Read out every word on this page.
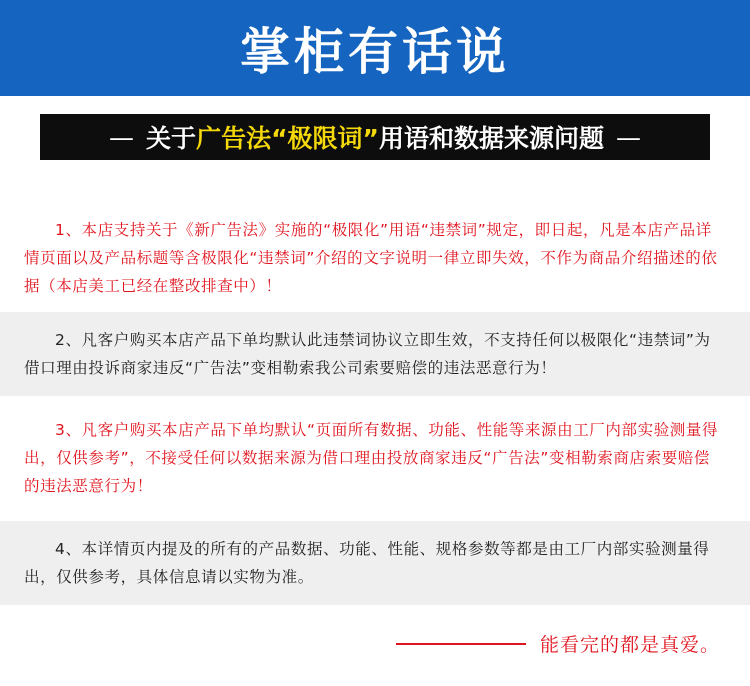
掌柜有话说
— 关于 广告法“极限词” 用语和数据来源问题 —
1、本店支持关于《新广告法》实施的“极限化”用语“违禁词”规定，即日起，凡是本店产品详情页面以及产品标题等含极限化“违禁词”介绍的文字说明一律立即失效，不作为商品介绍描述的依据（本店美工已经在整改排查中）！
2、凡客户购买本店产品下单均默认此违禁词协议立即生效，不支持任何以极限化“违禁词”为借口理由投诉商家违反“广告法”变相勒索我公司索要赔偿的违法恶意行为！
3、凡客户购买本店产品下单均默认“页面所有数据、功能、性能等来源由工厂内部实验测量得出，仅供参考”，不接受任何以数据来源为借口理由投放商家违反“广告法”变相勒索商店索要赔偿的违法恶意行为！
4、本详情页内提及的所有的产品数据、功能、性能、规格参数等都是由工厂内部实验测量得出，仅供参考，具体信息请以实物为准。
能看完的都是真爱。
